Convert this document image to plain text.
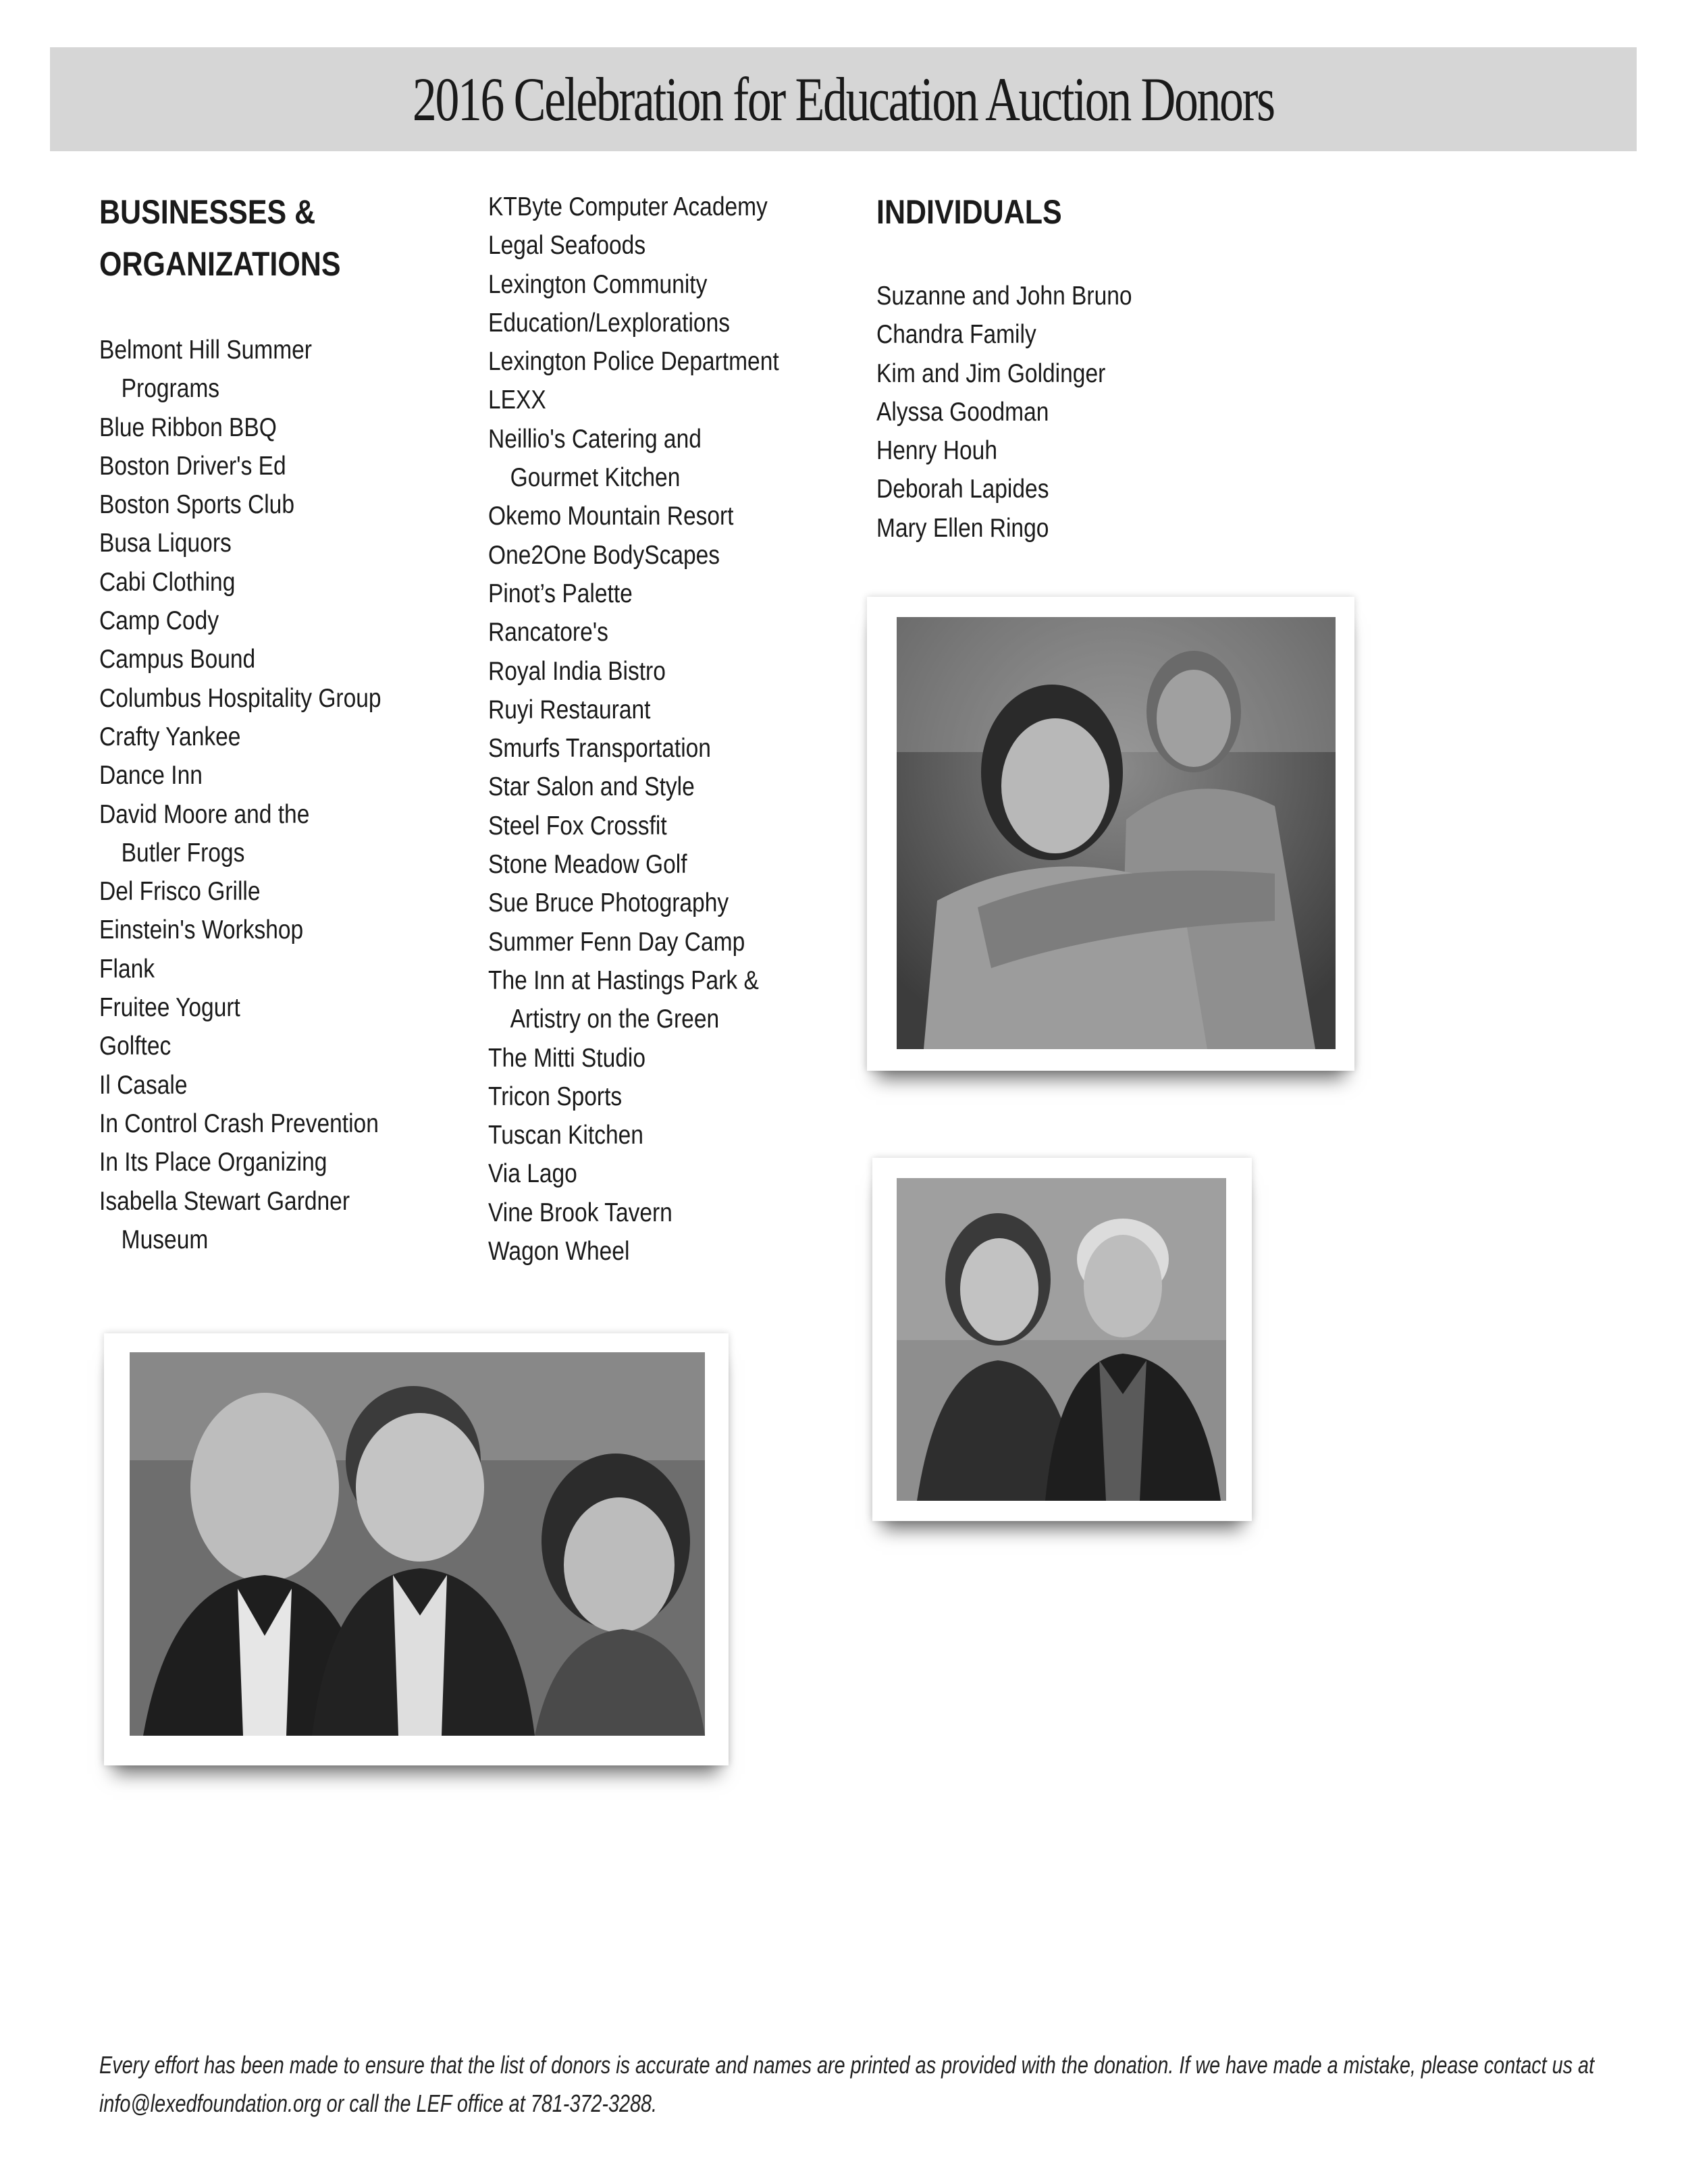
2016 Celebration for Education Auction Donors
BUSINESSES &
ORGANIZATIONS
Belmont Hill Summer
Programs
Blue Ribbon BBQ
Boston Driver's Ed
Boston Sports Club
Busa Liquors
Cabi Clothing
Camp Cody
Campus Bound
Columbus Hospitality Group
Crafty Yankee
Dance Inn
David Moore and the
Butler Frogs
Del Frisco Grille
Einstein's Workshop
Flank
Fruitee Yogurt
Golftec
Il Casale
In Control Crash Prevention
In Its Place Organizing
Isabella Stewart Gardner
Museum
KTByte Computer Academy
Legal Seafoods
Lexington Community
Education/Lexplorations
Lexington Police Department
LEXX
Neillio's Catering and
Gourmet Kitchen
Okemo Mountain Resort
One2One BodyScapes
Pinot’s Palette
Rancatore's
Royal India Bistro
Ruyi Restaurant
Smurfs Transportation
Star Salon and Style
Steel Fox Crossfit
Stone Meadow Golf
Sue Bruce Photography
Summer Fenn Day Camp
The Inn at Hastings Park &
Artistry on the Green
The Mitti Studio
Tricon Sports
Tuscan Kitchen
Via Lago
Vine Brook Tavern
Wagon Wheel
INDIVIDUALS
Suzanne and John Bruno
Chandra Family
Kim and Jim Goldinger
Alyssa Goodman
Henry Houh
Deborah Lapides
Mary Ellen Ringo

Every effort has been made to ensure that the list of donors is accurate and names are printed as provided with the donation. If we have made a mistake, please contact us at

info@lexedfoundation.org or call the LEF office at 781-372-3288.
